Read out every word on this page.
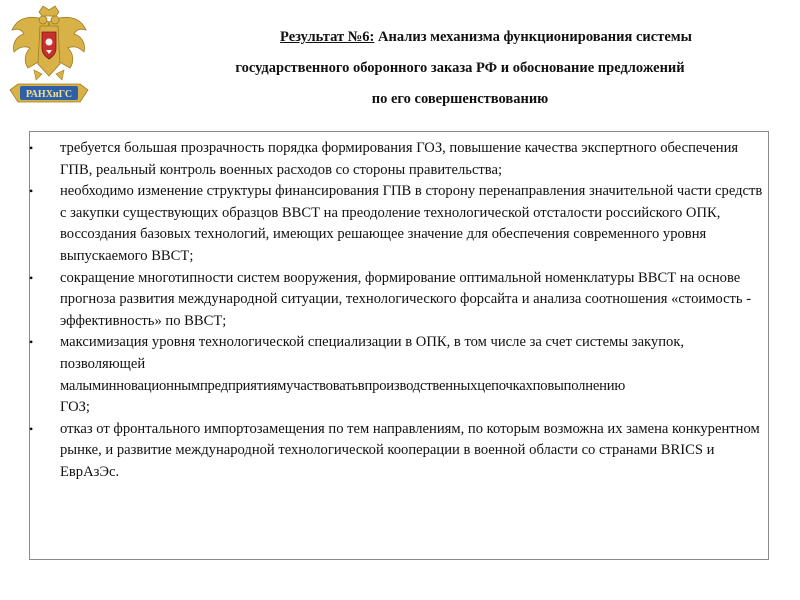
РАНХиГС
Результат №6: Анализ механизма функционирования системы
государственного оборонного заказа РФ и обоснование предложений
по его совершенствованию
• требуется большая прозрачность порядка формирования ГОЗ, повышение качества экспертного обеспечения ГПВ, реальный контроль военных расходов со стороны правительства;
• необходимо изменение структуры финансирования ГПВ в сторону перенаправления значительной части средств с закупки существующих образцов ВВСТ на преодоление технологической отсталости российского ОПК, воссоздания базовых технологий, имеющих решающее значение для обеспечения современного уровня выпускаемого ВВСТ;
• сокращение многотипности систем вооружения, формирование оптимальной номенклатуры ВВСТ на основе прогноза развития международной ситуации, технологического форсайта и анализа соотношения «стоимость - эффективность» по ВВСТ;
• максимизация уровня технологической специализации в ОПК, в том числе за счет системы закупок, позволяющей
малыминновационнымпредприятиямучаствоватьвпроизводственныхцепочкахповыполнению
ГОЗ;
• отказ от фронтального импортозамещения по тем направлениям, по которым возможна их замена конкурентном рынке, и развитие международной технологической кооперации в военной области со странами BRICS и ЕврАзЭс.
